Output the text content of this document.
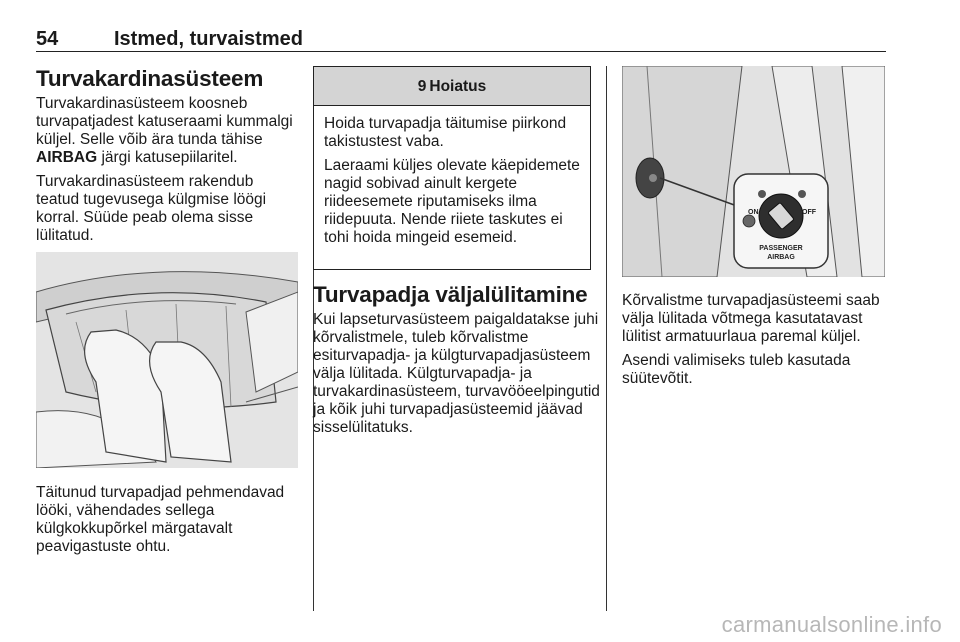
54	Istmed, turvaistmed
Turvakardinasüsteem

Turvakardinasüsteem koosneb turvapatjadest katuseraami kummalgi küljel. Selle võib ära tunda tähise AIRBAG järgi katusepiilaritel.

Turvakardinasüsteem rakendub teatud tugevusega külgmise löögi korral. Süüde peab olema sisse lülitatud.

Täitunud turvapadjad pehmendavad lööki, vähendades sellega külgkokkupõrkel märgatavalt peavigastuste ohtu.

9 Hoiatus

Hoida turvapadja täitumise piirkond takistustest vaba.

Laeraami küljes olevate käepidemete nagid sobivad ainult kergete riideesemete riputamiseks ilma riidepuuta. Nende riiete taskutes ei tohi hoida mingeid esemeid.

Turvapadja väljalülitamine

Kui lapseturvasüsteem paigaldatakse juhi kõrvalistmele, tuleb kõrvalistme esiturvapadja- ja külgturvapadjasüsteem välja lülitada. Külgturvapadja- ja turvakardinasüsteem, turvavööeelpingutid ja kõik juhi turvapadjasüsteemid jäävad sisselülitatuks.

ON	OFF
PASSENGER
AIRBAG

Kõrvalistme turvapadjasüsteemi saab välja lülitada võtmega kasutatavast lülitist armatuurlaua paremal küljel.

Asendi valimiseks tuleb kasutada süütevõtit.

carmanualsonline.info
